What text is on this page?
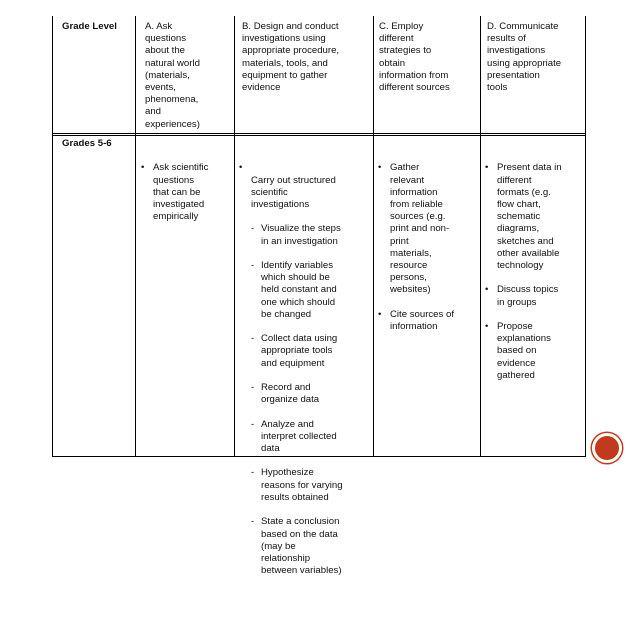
Grade Level	A. Ask
questions
about the
natural world
(materials,
events,
phenomena,
and
experiences)
B. Design and conduct
investigations using
appropriate procedure,
materials, tools, and
equipment to gather
evidence
C. Employ
different
strategies to
obtain
information from
different sources
D. Communicate
results of
investigations
using appropriate
presentation
tools
Grades 5-6

• Ask scientific
questions
that can be
investigated
empirically

• Carry out structured
scientific
investigations

- Visualize the steps
in an investigation

- Identify variables
which should be
held constant and
one which should
be changed

- Collect data using
appropriate tools
and equipment

- Record and
organize data

- Analyze and
interpret collected
data

- Hypothesize
reasons for varying
results obtained

- State a conclusion
based on the data
(may be
relationship
between variables)

• Gather
relevant
information
from reliable
sources (e.g.
print and non-
print
materials,
resource
persons,
websites)

• Cite sources of
information

• Present data in
different
formats (e.g.
flow chart,
schematic
diagrams,
sketches and
other available
technology

• Discuss topics
in groups

• Propose
explanations
based on
evidence
gathered
